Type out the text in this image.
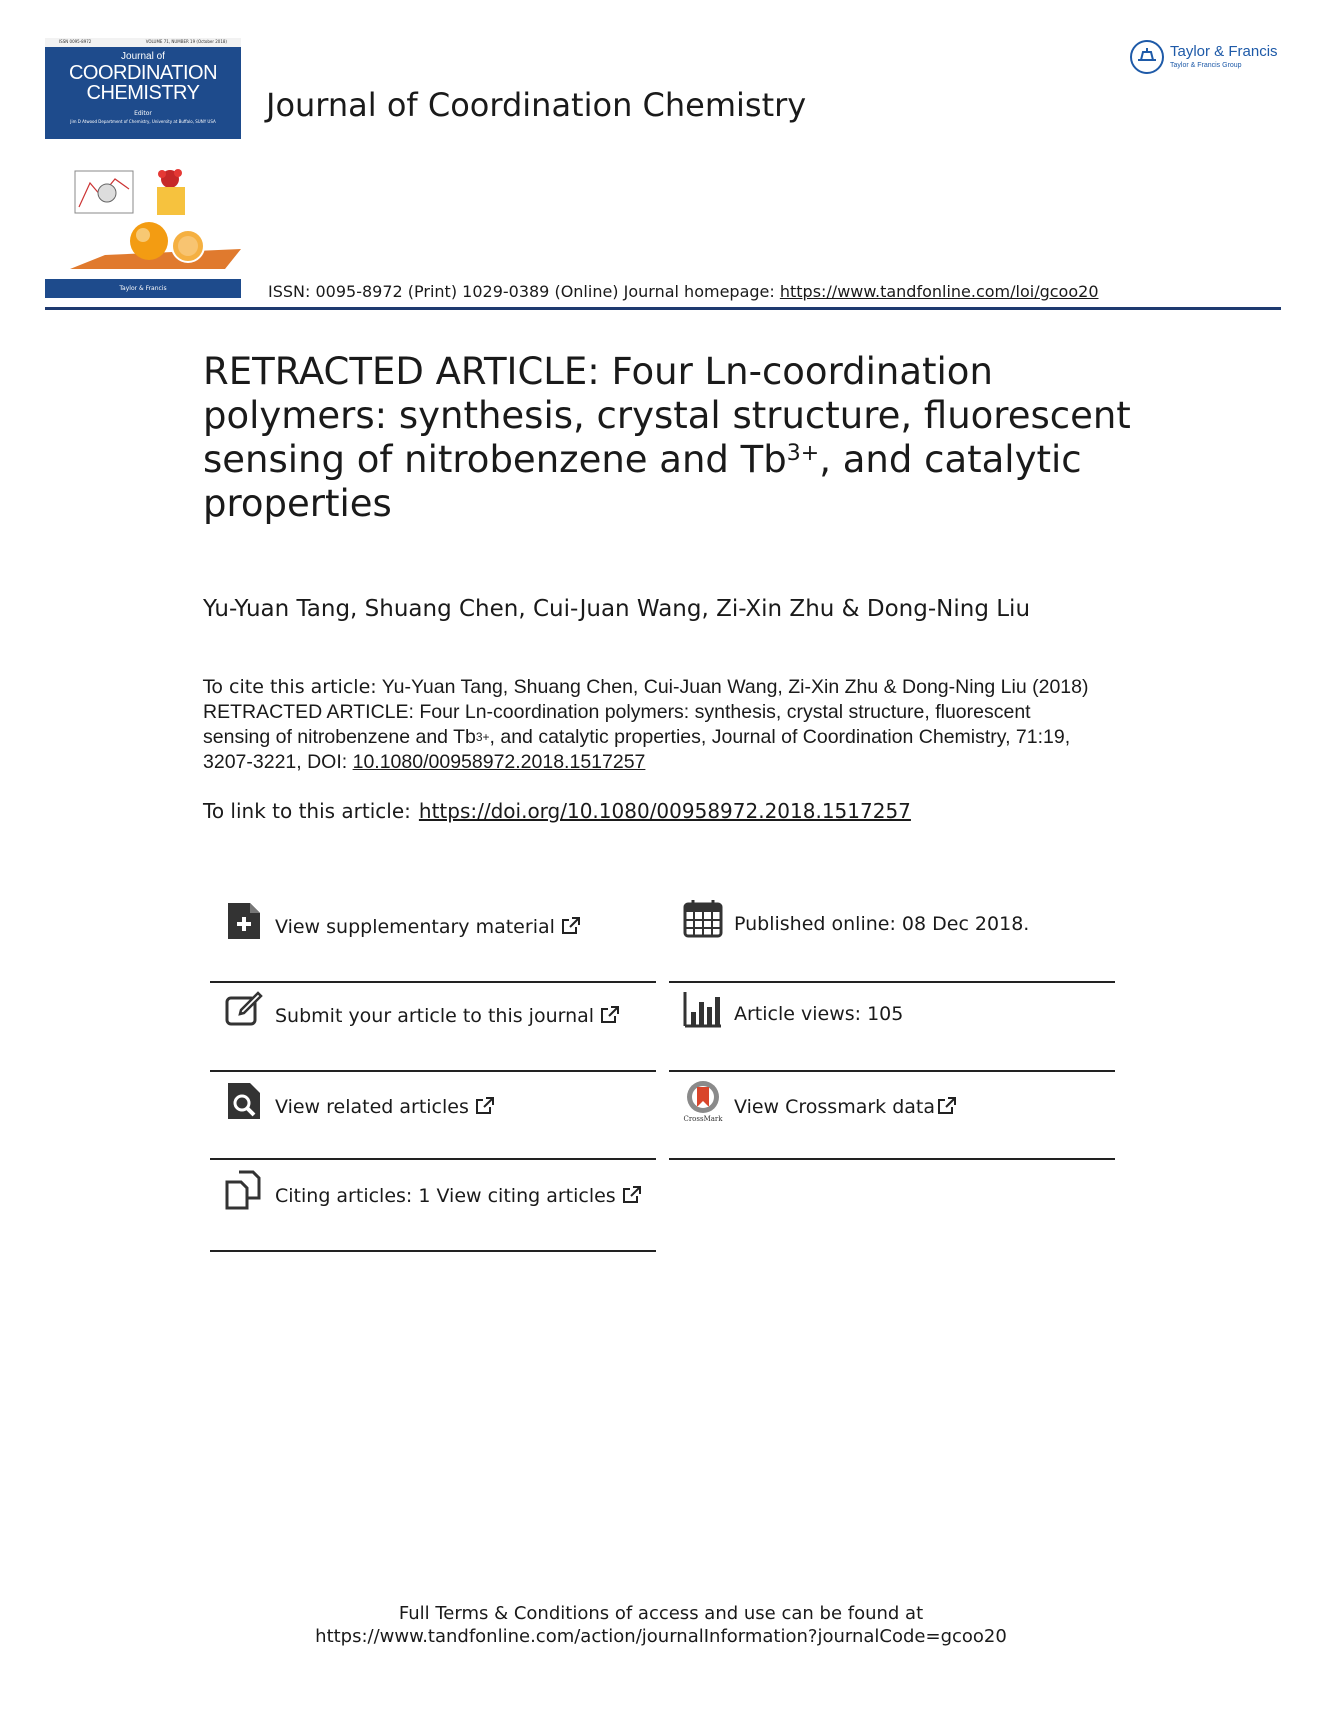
ISSN 0095-8972	VOLUME 71, NUMBER 19 (October 2018)
Journal of
COORDINATION
CHEMISTRY
Editor
Jim D Atwood Department of Chemistry, University at Buffalo, SUNY USA
Taylor & Francis
Journal of Coordination Chemistry
Taylor & Francis
Taylor & Francis Group
ISSN: 0095-8972 (Print) 1029-0389 (Online) Journal homepage: https://www.tandfonline.com/loi/gcoo20
RETRACTED ARTICLE: Four Ln-coordination polymers: synthesis, crystal structure, fluorescent sensing of nitrobenzene and $Tb^{3+}$, and catalytic properties
Yu-Yuan Tang, Shuang Chen, Cui-Juan Wang, Zi-Xin Zhu & Dong-Ning Liu
To cite this article: Yu-Yuan Tang, Shuang Chen, Cui-Juan Wang, Zi-Xin Zhu & Dong-Ning Liu (2018) RETRACTED ARTICLE: Four Ln-coordination polymers: synthesis, crystal structure, fluorescent sensing of nitrobenzene and $Tb^{3+}$, and catalytic properties, Journal of Coordination Chemistry, 71:19, 3207-3221, DOI: 10.1080/00958972.2018.1517257
To link to this article: https://doi.org/10.1080/00958972.2018.1517257
View supplementary material
Submit your article to this journal
View related articles
Citing articles: 1 View citing articles
Published online: 08 Dec 2018.
Article views: 105
CrossMark
View Crossmark data
Full Terms & Conditions of access and use can be found at
https://www.tandfonline.com/action/journalInformation?journalCode=gcoo20
